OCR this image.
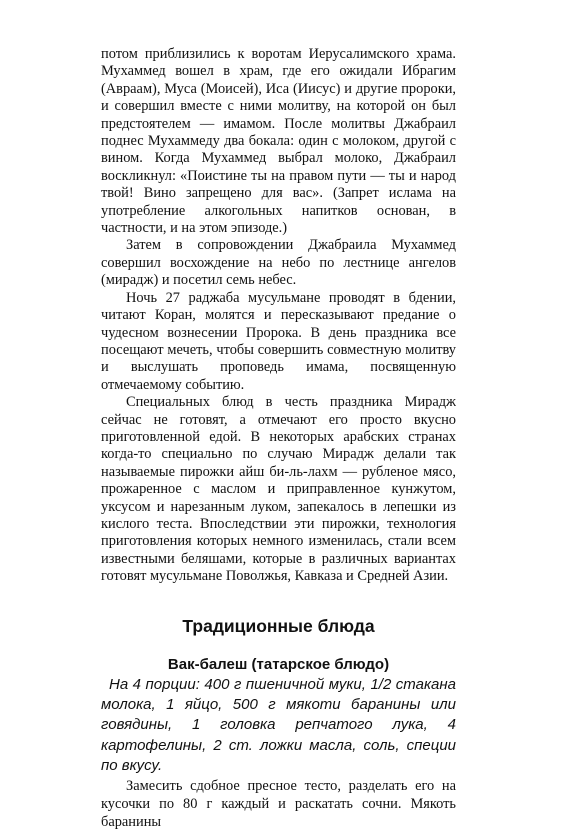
потом приблизились к воротам Иерусалимского храма. Мухаммед вошел в храм, где его ожидали Ибрагим (Авраам), Муса (Моисей), Иса (Иисус) и другие пророки, и совершил вместе с ними молитву, на которой он был предстоятелем — имамом. После молитвы Джабраил поднес Мухаммеду два бокала: один с молоком, другой с вином. Когда Мухаммед выбрал молоко, Джабраил воскликнул: «Поистине ты на правом пути — ты и народ твой! Вино запрещено для вас». (Запрет ислама на употребление алкогольных напитков основан, в частности, и на этом эпизоде.)

Затем в сопровождении Джабраила Мухаммед совершил восхождение на небо по лестнице ангелов (мирадж) и посетил семь небес.

Ночь 27 раджаба мусульмане проводят в бдении, читают Коран, молятся и пересказывают предание о чудесном вознесении Пророка. В день праздника все посещают мечеть, чтобы совершить совместную молитву и выслушать проповедь имама, посвященную отмечаемому событию.

Специальных блюд в честь праздника Мирадж сейчас не готовят, а отмечают его просто вкусно приготовленной едой. В некоторых арабских странах когда-то специально по случаю Мирадж делали так называемые пирожки айш би-ль-лахм — рубленое мясо, прожаренное с маслом и приправленное кунжутом, уксусом и нарезанным луком, запекалось в лепешки из кислого теста. Впоследствии эти пирожки, технология приготовления которых немного изменилась, стали всем известными беляшами, которые в различных вариантах готовят мусульмане Поволжья, Кавказа и Средней Азии.

Традиционные блюда
Вак-балеш (татарское блюдо)

На 4 порции: 400 г пшеничной муки, 1/2 стакана молока, 1 яйцо, 500 г мякоти баранины или говядины, 1 головка репчатого лука, 4 картофелины, 2 ст. ложки масла, соль, специи по вкусу.

Замесить сдобное пресное тесто, разделать его на кусочки по 80 г каждый и раскатать сочни. Мякоть баранины
